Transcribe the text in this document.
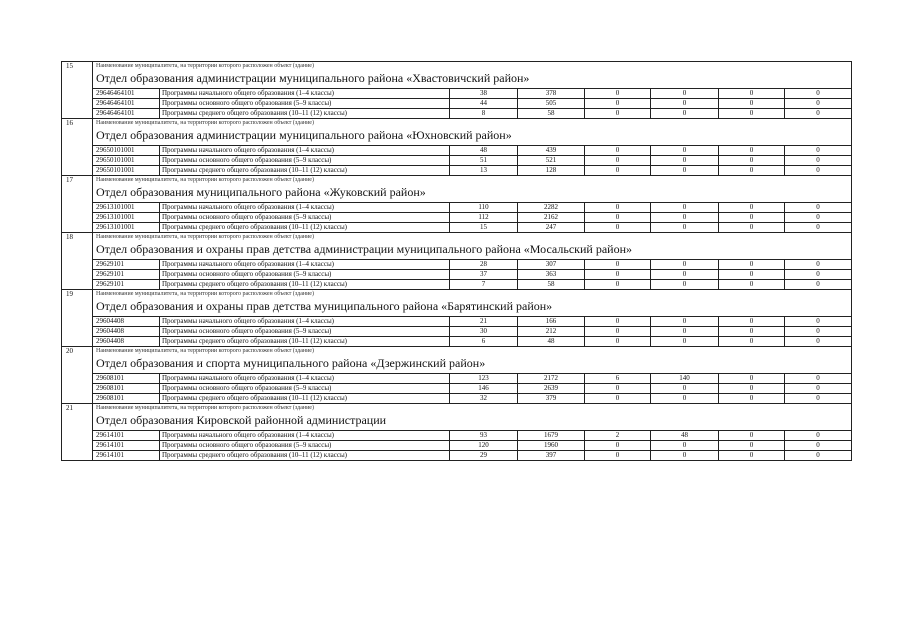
15	Наименование муниципалитета, на территории которого расположен объект (здание)
Отдел образования администрации муниципального района «Хвастовичский район»							

	29646464101	Программы начального общего образования (1–4 классы)	38	378	0	0	0	0
	29646464101	Программы основного общего образования (5–9 классы)	44	505	0	0	0	0
	29646464101	Программы среднего общего образования (10–11 (12) классы)	8	58	0	0	0	0
16	Наименование муниципалитета, на территории которого расположен объект (здание)
Отдел образования администрации муниципального района «Юхновский район»							

	29650101001	Программы начального общего образования (1–4 классы)	48	439	0	0	0	0
	29650101001	Программы основного общего образования (5–9 классы)	51	521	0	0	0	0
	29650101001	Программы среднего общего образования (10–11 (12) классы)	13	128	0	0	0	0
17	Наименование муниципалитета, на территории которого расположен объект (здание)
Отдел образования муниципального района «Жуковский район»							

	29613101001	Программы начального общего образования (1–4 классы)	110	2282	0	0	0	0
	29613101001	Программы основного общего образования (5–9 классы)	112	2162	0	0	0	0
	29613101001	Программы среднего общего образования (10–11 (12) классы)	15	247	0	0	0	0
18	Наименование муниципалитета, на территории которого расположен объект (здание)
Отдел образования и охраны прав детства администрации муниципального района «Мосальский район»							

	29629101	Программы начального общего образования (1–4 классы)	28	307	0	0	0	0
	29629101	Программы основного общего образования (5–9 классы)	37	363	0	0	0	0
	29629101	Программы среднего общего образования (10–11 (12) классы)	7	58	0	0	0	0
19	Наименование муниципалитета, на территории которого расположен объект (здание)
Отдел образования и охраны прав детства муниципального района «Барятинский район»							

	29604408	Программы начального общего образования (1–4 классы)	21	166	0	0	0	0
	29604408	Программы основного общего образования (5–9 классы)	30	212	0	0	0	0
	29604408	Программы среднего общего образования (10–11 (12) классы)	6	48	0	0	0	0
20	Наименование муниципалитета, на территории которого расположен объект (здание)
Отдел образования и спорта муниципального района «Дзержинский район»							

	29608101	Программы начального общего образования (1–4 классы)	123	2172	6	140	0	0
	29608101	Программы основного общего образования (5–9 классы)	146	2639	0	0	0	0
	29608101	Программы среднего общего образования (10–11 (12) классы)	32	379	0	0	0	0
21	Наименование муниципалитета, на территории которого расположен объект (здание)
Отдел образования Кировской районной администрации							

	29614101	Программы начального общего образования (1–4 классы)	93	1679	2	48	0	0
	29614101	Программы основного общего образования (5–9 классы)	120	1960	0	0	0	0
	29614101	Программы среднего общего образования (10–11 (12) классы)	29	397	0	0	0	0
